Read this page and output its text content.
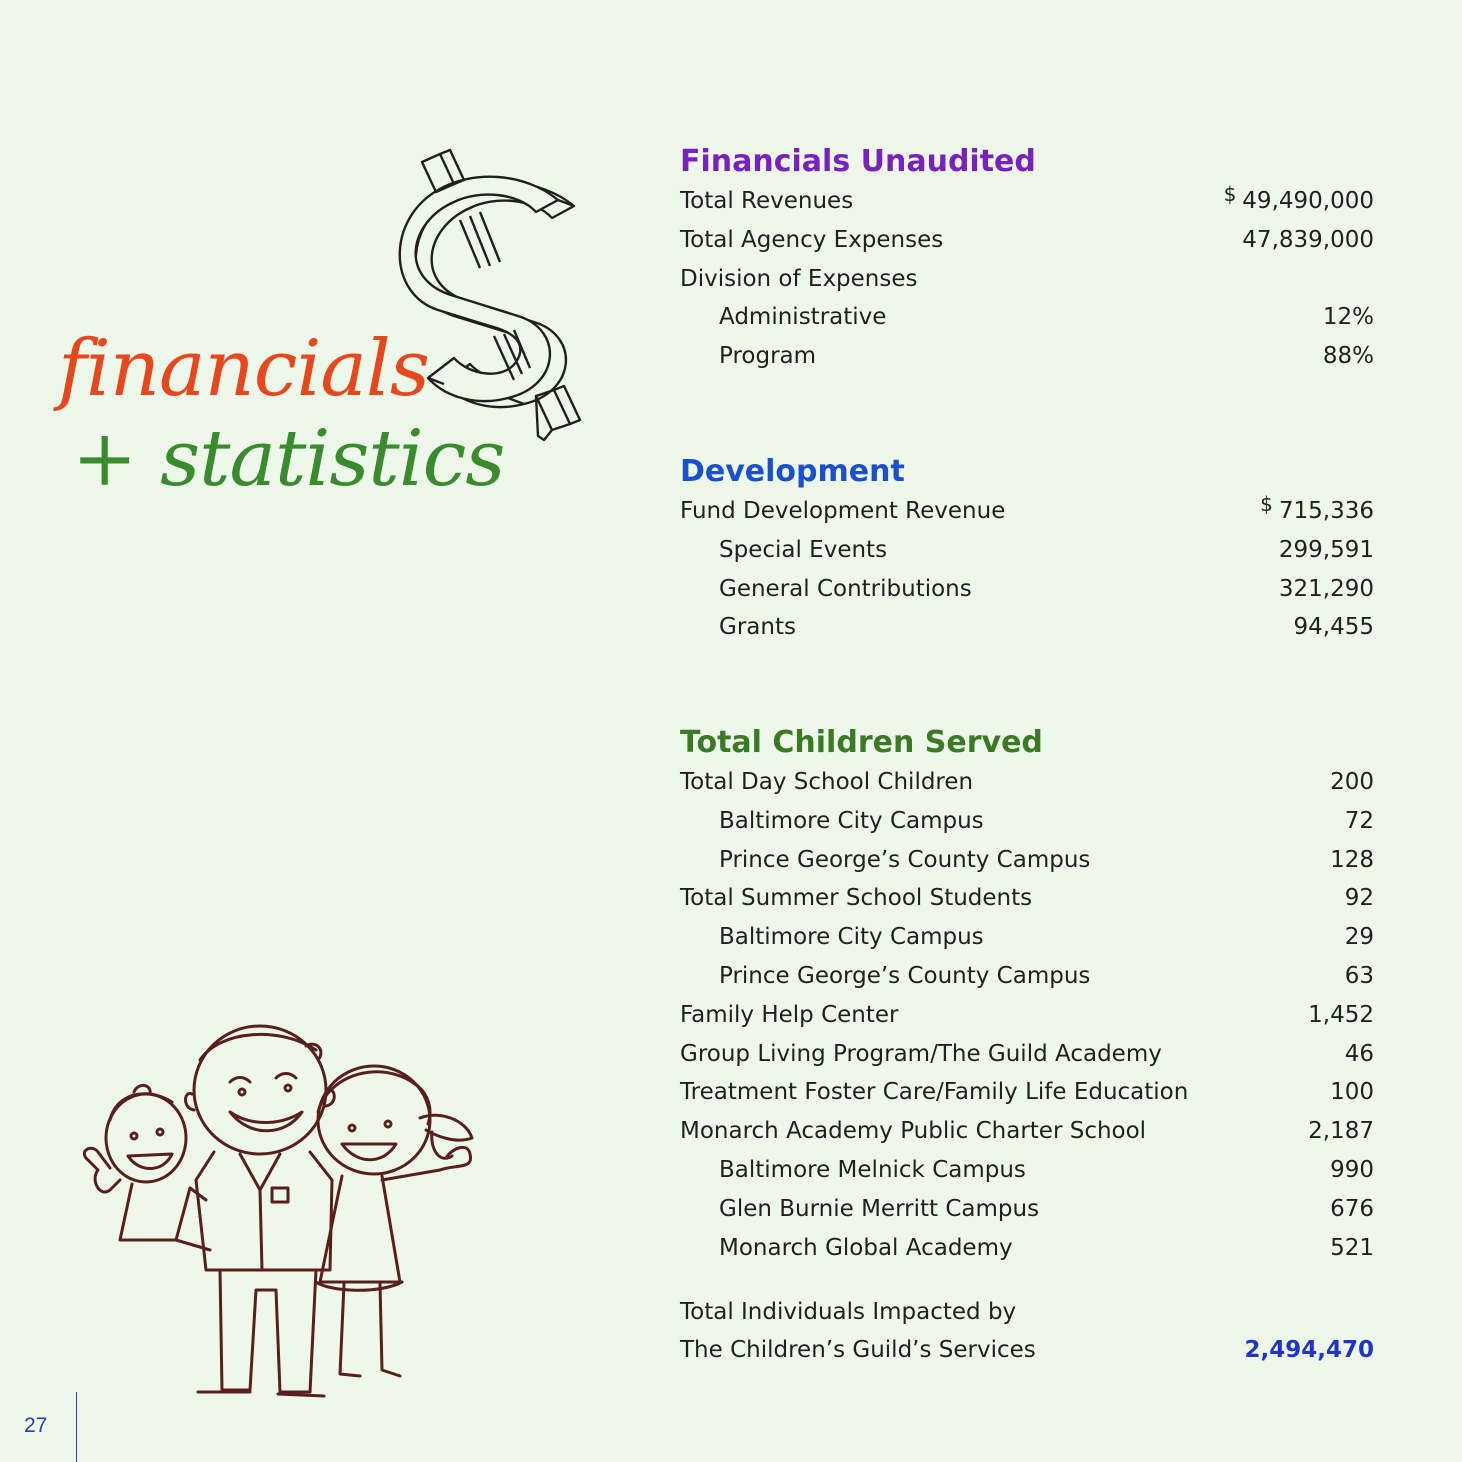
financials
+ statistics
Financials Unaudited
Total Revenues	$ 49,490,000
Total Agency Expenses	47,839,000
Division of Expenses
Administrative	12%
Program	88%
Development
Fund Development Revenue	$ 715,336
Special Events	299,591
General Contributions	321,290
Grants	94,455
Total Children Served
Total Day School Children	200
Baltimore City Campus	72
Prince George’s County Campus	128
Total Summer School Students	92
Baltimore City Campus	29
Prince George’s County Campus	63
Family Help Center	1,452
Group Living Program/The Guild Academy	46
Treatment Foster Care/Family Life Education	100
Monarch Academy Public Charter School	2,187
Baltimore Melnick Campus	990
Glen Burnie Merritt Campus	676
Monarch Global Academy	521
Total Individuals Impacted by
The Children’s Guild’s Services	2,494,470
27
